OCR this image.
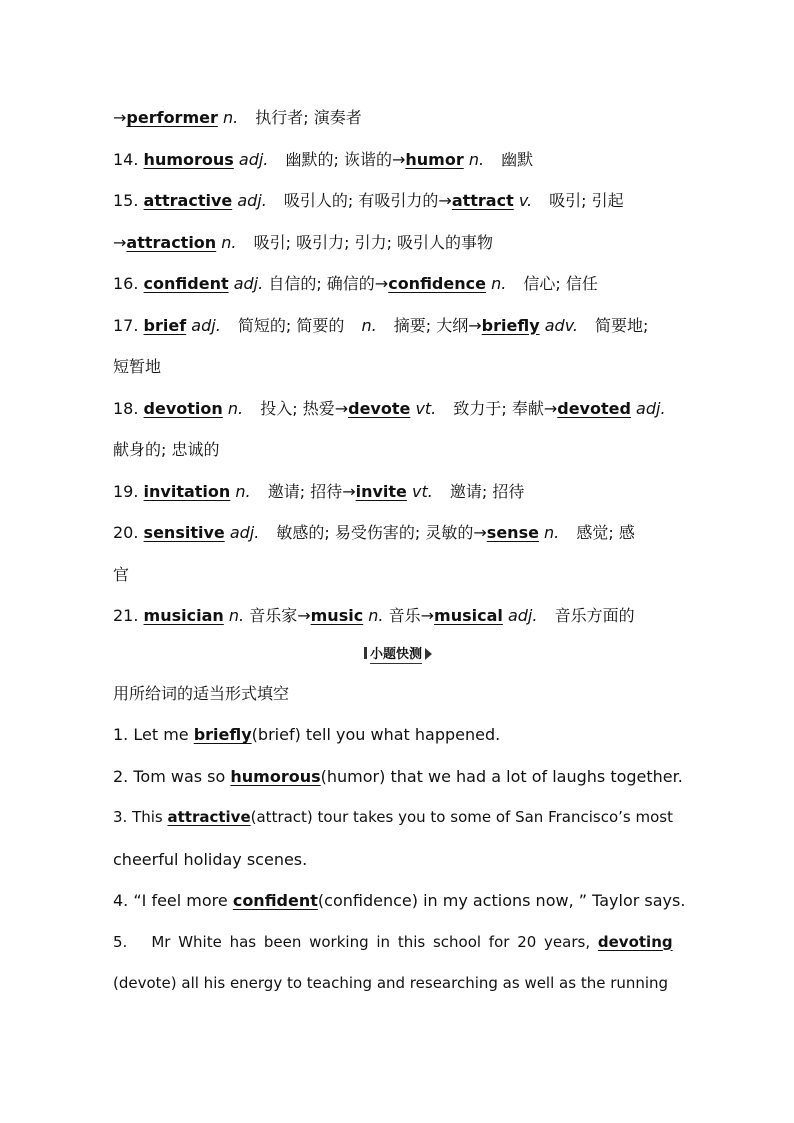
→performer n. 执行者; 演奏者
14. humorous adj. 幽默的; 诙谐的→humor n. 幽默
15. attractive adj. 吸引人的; 有吸引力的→attract v. 吸引; 引起
→attraction n. 吸引; 吸引力; 引力; 吸引人的事物
16. confident adj. 自信的; 确信的→confidence n. 信心; 信任
17. brief adj. 简短的; 简要的 n. 摘要; 大纲→briefly adv. 简要地;
短暂地
18. devotion n. 投入; 热爱→devote vt. 致力于; 奉献→devoted adj.
献身的; 忠诚的
19. invitation n. 邀请; 招待→invite vt. 邀请; 招待
20. sensitive adj. 敏感的; 易受伤害的; 灵敏的→sense n. 感觉; 感
官
21. musician n. 音乐家→music n. 音乐→musical adj. 音乐方面的
小题快测
用所给词的适当形式填空
1. Let me briefly(brief) tell you what happened.
2. Tom was so humorous(humor) that we had a lot of laughs together.
3. This attractive(attract) tour takes you to some of San Francisco’s most
cheerful holiday scenes.
4. “I feel more confident(confidence) in my actions now, ” Taylor says.
5. Mr White has been working in this school for 20 years, devoting
(devote) all his energy to teaching and researching as well as the running
